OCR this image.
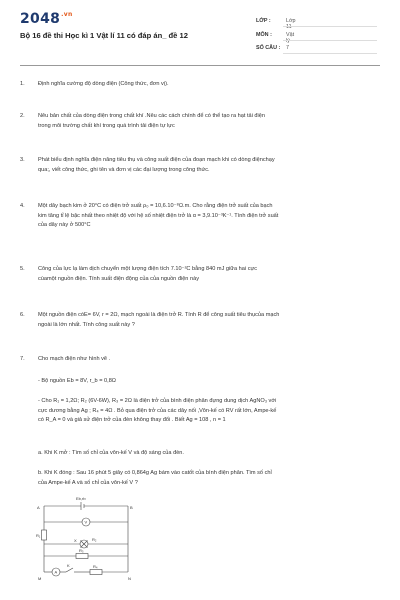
$2048^{.vn}$
Bộ 16 đề thi Học kì 1 Vật lí 11 có đáp án_ đề 12
LỚP :	Lớp 11
MÔN :	Vật lý
SỐ CÂU :	7
1.	Định nghĩa cường độ dòng điện (Công thức, đơn vị).
2.	Nêu bản chất của dòng điện trong chất khí .Nêu các cách chính để có thể tạo ra hạt tải điện
trong môi trường chất khí trong quá trình tải điện tự lực
3.	Phát biểu định nghĩa điện năng tiêu thụ và công suất điện của đoạn mạch khi có dòng điệnchạy
qua;, viết công thức, ghi tên và đơn vị các đại lượng trong công thức.
4.	Một dây bạch kim ở 20°C có điện trở suất ρ₀ = 10,6.10⁻⁸Ω.m. Cho rằng điện trở suất của bạch
kim tăng tỉ lệ bậc nhất theo nhiệt độ với hệ số nhiệt điện trở là α = 3,9.10⁻³K⁻¹. Tính điện trở suất
của dây này ở 500°C
5.	Công của lực lạ làm dịch chuyển một lượng điện tích 7.10⁻²C bằng 840 mJ giữa hai cực
cùamột nguồn điện. Tính suất điện động của của nguồn điện này
6.	Một nguồn điện cóE= 6V, r = 2Ω, mạch ngoài là điện trở R. Tính R để công suất tiêu thụcủa mạch
ngoài là lớn nhất. Tính công suất này ?
7.	Cho mạch điện như hình vẽ .
- Bộ nguồn Eb = 8V, r_b = 0,8Ω
- Cho R₁ = 1,2Ω; R₂ (6V-6W), R₃ = 2Ω là điện trở của bình điện phân đựng dung dịch AgNO₃ với
cực dương bằng Ag ; R₄ = 4Ω . Bỏ qua điện trở của các dây nối ,Vôn-kế có RV rất lớn, Ampe-kế
có R_A = 0 và giả sử điện trở của đèn không thay đổi . Biết Ag = 108 , n = 1
a. Khi K mở : Tìm số chỉ của vôn-kế V và độ sáng của đèn.
b. Khi K đóng : Sau 16 phút 5 giây có 0,864g Ag bám vào catốt của bình điện phân. Tìm số chỉ
của Ampe-kế A và số chỉ của vôn-kế V ?
Eb,rb
A	B
V
R₁
R₂
X
R₃
A
K	R₄
M	N
